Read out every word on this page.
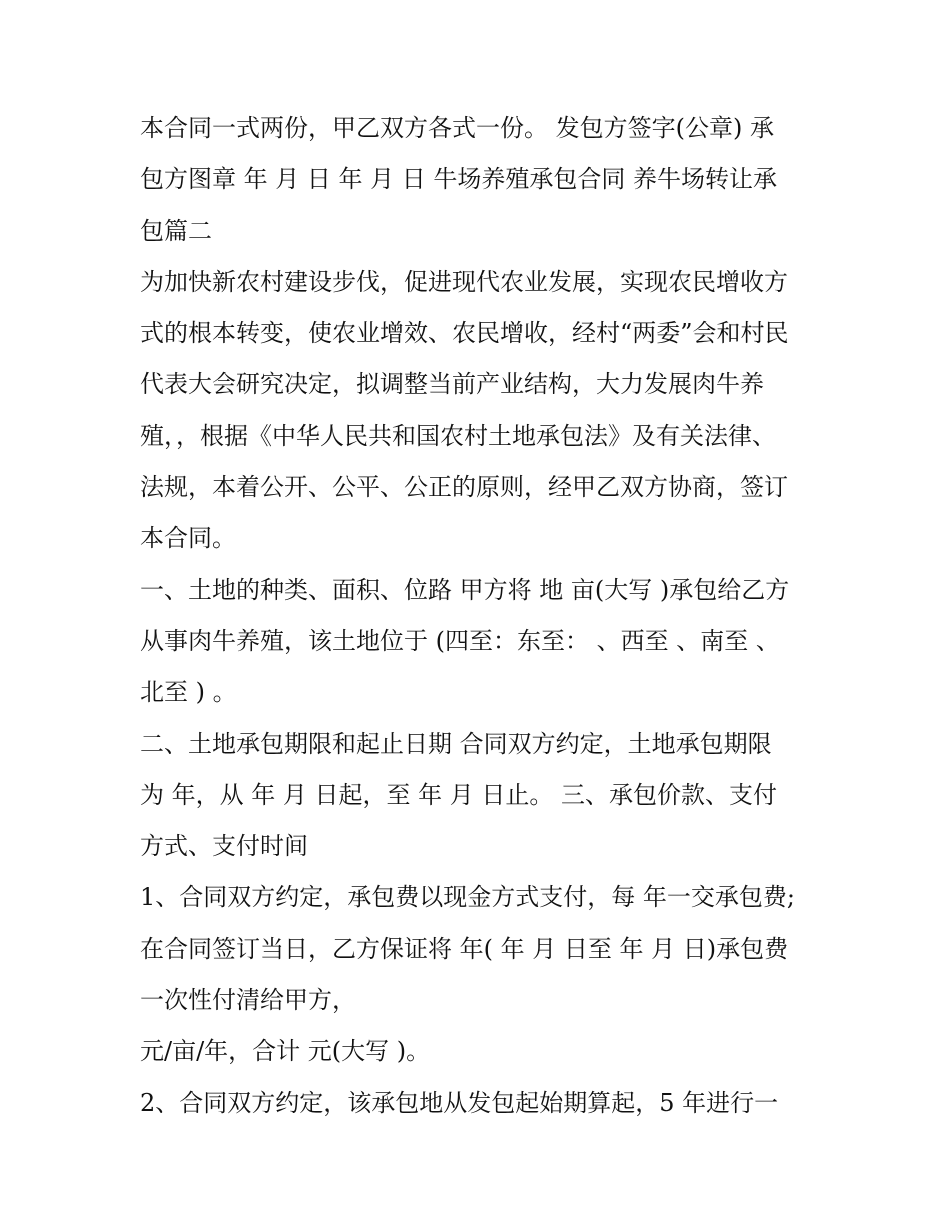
本合同一式两份，甲乙双方各式一份。 发包方签字(公章) 承
包方图章 年 月 日 年 月 日 牛场养殖承包合同 养牛场转让承
包篇二
为加快新农村建设步伐，促进现代农业发展，实现农民增收方
式的根本转变，使农业增效、农民增收，经村“两委”会和村民
代表大会研究决定，拟调整当前产业结构，大力发展肉牛养
殖，，根据《中华人民共和国农村土地承包法》及有关法律、
法规，本着公开、公平、公正的原则，经甲乙双方协商，签订
本合同。
一、土地的种类、面积、位路 甲方将 地 亩(大写 )承包给乙方
从事肉牛养殖，该土地位于 (四至：东至： 、西至 、南至 、
北至 ) 。
二、土地承包期限和起止日期 合同双方约定，土地承包期限
为 年，从 年 月 日起，至 年 月 日止。 三、承包价款、支付
方式、支付时间
1、合同双方约定，承包费以现金方式支付，每 年一交承包费;
在合同签订当日，乙方保证将 年( 年 月 日至 年 月 日)承包费
一次性付清给甲方，
元/亩/年，合计 元(大写 )。
2、合同双方约定，该承包地从发包起始期算起，5 年进行一
